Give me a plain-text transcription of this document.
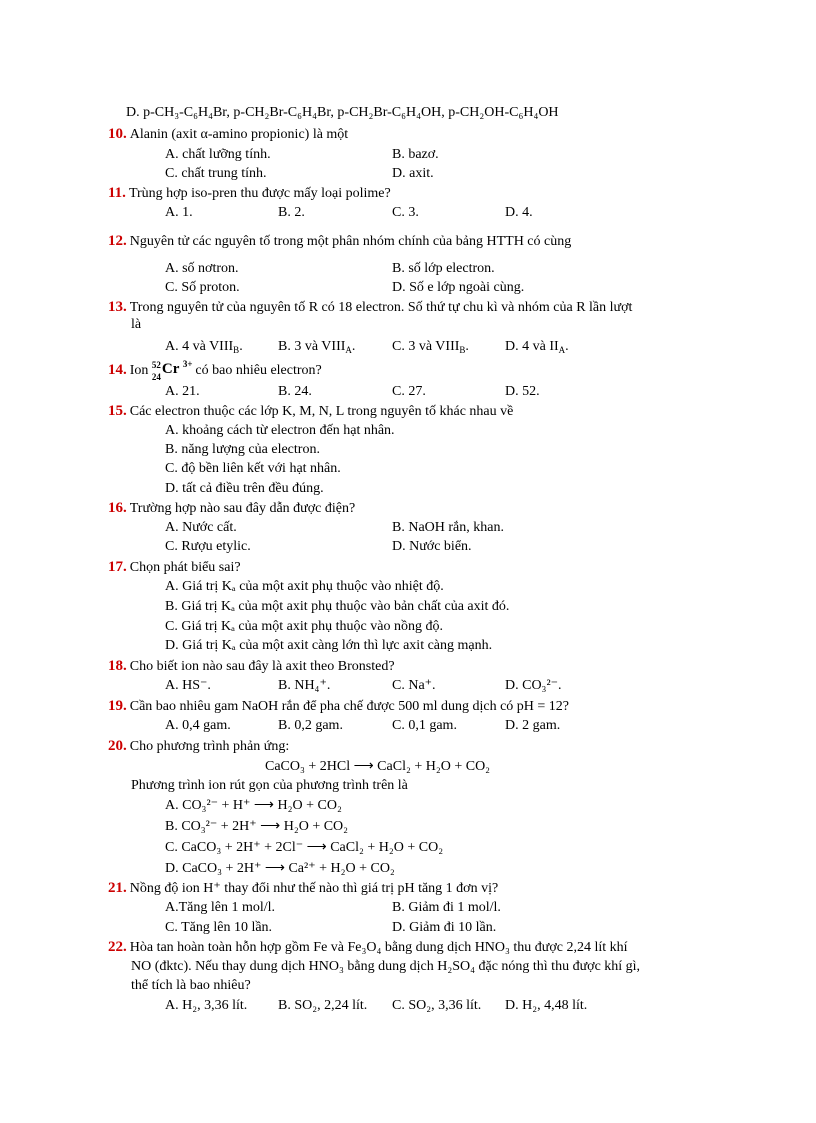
D. p-CH₃-C₆H₄Br, p-CH₂Br-C₆H₄Br, p-CH₂Br-C₆H₄OH, p-CH₂OH-C₆H₄OH
10. Alanin (axit α-amino propionic) là một
A. chất lưỡng tính.	B. bazơ.
C. chất trung tính.	D. axit.
11. Trùng hợp iso-pren thu được mấy loại polime?
A. 1.	B. 2.	C. 3.	D. 4.
12. Nguyên tử các nguyên tố trong một phân nhóm chính của bảng HTTH có cùng
A. số nơtron.	B. số lớp electron.
C. Số proton.	D. Số e lớp ngoài cùng.
13. Trong nguyên tử của nguyên tố R có 18 electron. Số thứ tự chu kì và nhóm của R lần lượt
là
A. 4 và $VIII_B$.	B. 3 và $VIII_A$.	C. 3 và $VIII_B$.	D. 4 và $II_A$.
14. Ion 52
24 Cr 3+ có bao nhiêu electron?
A. 21.	B. 24.	C. 27.	D. 52.
15. Các electron thuộc các lớp K, M, N, L trong nguyên tố khác nhau về
A. khoảng cách từ electron đến hạt nhân.
B. năng lượng của electron.
C. độ bền liên kết với hạt nhân.
D. tất cả điều trên đều đúng.
16. Trường hợp nào sau đây dẫn được điện?
A. Nước cất.	B. NaOH rắn, khan.
C. Rượu etylic.	D. Nước biển.
17. Chọn phát biểu sai?
A. Giá trị Kₐ của một axit phụ thuộc vào nhiệt độ.
B. Giá trị Kₐ của một axit phụ thuộc vào bản chất của axit đó.
C. Giá trị Kₐ của một axit phụ thuộc vào nồng độ.
D. Giá trị Kₐ của một axit càng lớn thì lực axit càng mạnh.
18. Cho biết ion nào sau đây là axit theo Bronsted?
A. HS⁻.	B. NH₄⁺.	C. Na⁺.	D. CO₃²⁻.
19. Cần bao nhiêu gam NaOH rắn để pha chế được 500 ml dung dịch có pH = 12?
A. 0,4 gam.	B. 0,2 gam.	C. 0,1 gam.	D. 2 gam.
20. Cho phương trình phản ứng:
CaCO₃ + 2HCl ⟶ CaCl₂ + H₂O + CO₂
Phương trình ion rút gọn của phương trình trên là
A. CO₃²⁻ + H⁺ ⟶ H₂O + CO₂
B. CO₃²⁻ + 2H⁺ ⟶ H₂O + CO₂
C. CaCO₃ + 2H⁺ + 2Cl⁻ ⟶ CaCl₂ + H₂O + CO₂
D. CaCO₃ + 2H⁺ ⟶ Ca²⁺ + H₂O + CO₂
21. Nồng độ ion H⁺ thay đổi như thế nào thì giá trị pH tăng 1 đơn vị?
A.Tăng lên 1 mol/l.	B. Giảm đi 1 mol/l.
C. Tăng lên 10 lần.	D. Giảm đi 10 lần.
22. Hòa tan hoàn toàn hỗn hợp gồm Fe và Fe₃O₄ bằng dung dịch HNO₃ thu được 2,24 lít khí
NO (đktc). Nếu thay dung dịch HNO₃ bằng dung dịch H₂SO₄ đặc nóng thì thu được khí gì,
thể tích là bao nhiêu?
A. H₂, 3,36 lít. B. SO₂, 2,24 lít. C. SO₂, 3,36 lít. D. H₂, 4,48 lít.
